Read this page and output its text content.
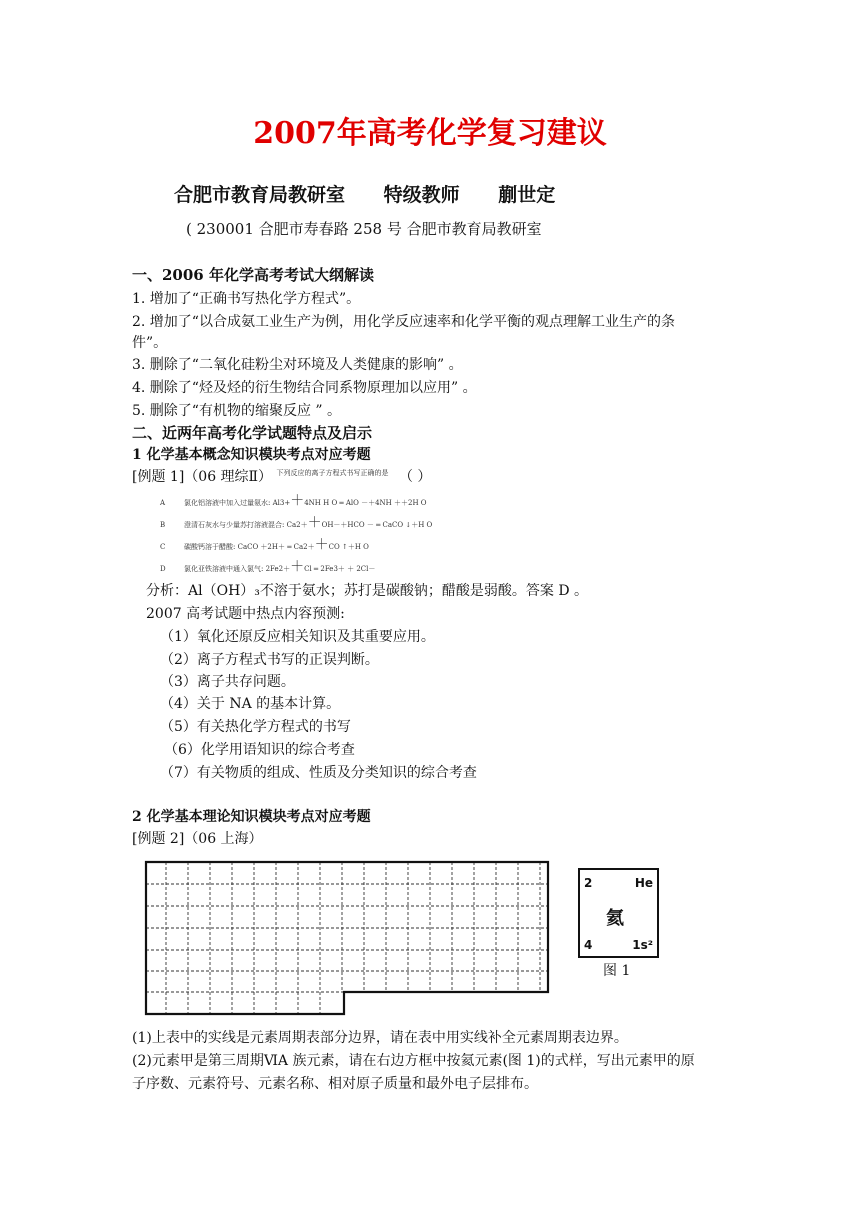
2007年高考化学复习建议
合肥市教育局教研室 特级教师 蒯世定
( 230001 合肥市寿春路 258 号 合肥市教育局教研室
一、2006 年化学高考考试大纲解读
1. 增加了“正确书写热化学方程式”。
2. 增加了“以合成氨工业生产为例，用化学反应速率和化学平衡的观点理解工业生产的条
件”。
3. 删除了“二氧化硅粉尘对环境及人类健康的影响” 。
4. 删除了“烃及烃的衍生物结合同系物原理加以应用” 。
5. 删除了“有机物的缩聚反应 ” 。
二、近两年高考化学试题特点及启示
1 化学基本概念知识模块考点对应考题
[例题 1]（06 理综Ⅱ） $^{下列反应的离子方程式书写正确的是}$ （ ）
A	氯化铝溶液中加入过量氨水: Al3+＋4NH H O ═ AlO －＋4NH ＋＋2H O
B	澄清石灰水与少量苏打溶液混合: Ca2＋＋OH－＋HCO － ═ CaCO ↓＋H O
C	碳酸钙溶于醋酸: CaCO ＋2H＋ ═ Ca2＋＋CO ↑＋H O
D	氯化亚铁溶液中通入氯气: 2Fe2＋＋Cl ═ 2Fe3＋ ＋ 2Cl－
分析：Al（OH）₃不溶于氨水；苏打是碳酸钠；醋酸是弱酸。答案 D 。
2007 高考试题中热点内容预测:
（1）氧化还原反应相关知识及其重要应用。
（2）离子方程式书写的正误判断。
（3）离子共存问题。
（4）关于 NA 的基本计算。
（5）有关热化学方程式的书写
（6）化学用语知识的综合考查
（7）有关物质的组成、性质及分类知识的综合考查
2 化学基本理论知识模块考点对应考题
[例题 2]（06 上海）
2	He
氦
4	1s²
图 1
(1)上表中的实线是元素周期表部分边界，请在表中用实线补全元素周期表边界。
(2)元素甲是第三周期ⅥA 族元素，请在右边方框中按氦元素(图 1)的式样，写出元素甲的原
子序数、元素符号、元素名称、相对原子质量和最外电子层排布。
